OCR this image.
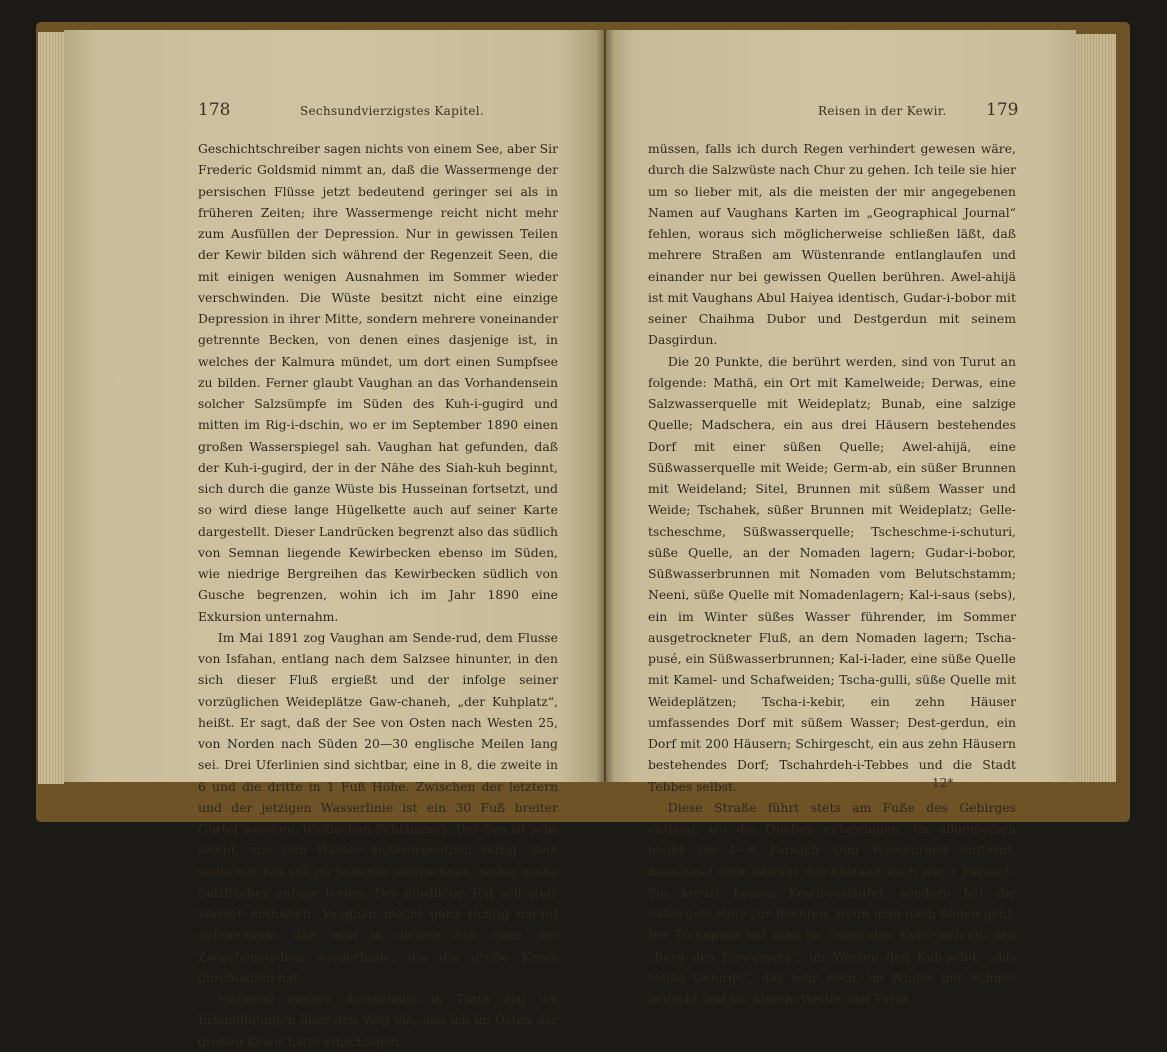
178	Sechsundvierzigstes Kapitel.

Geschichtschreiber sagen nichts von einem See, aber Sir Frederic Goldsmid nimmt an, daß die Wassermenge der persischen Flüsse jetzt bedeutend geringer sei als in früheren Zeiten; ihre Wassermenge reicht nicht mehr zum Ausfüllen der Depression. Nur in gewissen Teilen der Kewir bilden sich während der Regenzeit Seen, die mit einigen wenigen Ausnahmen im Sommer wieder verschwinden. Die Wüste besitzt nicht eine einzige Depression in ihrer Mitte, sondern mehrere voneinander getrennte Becken, von denen eines dasjenige ist, in welches der Kalmura mündet, um dort einen Sumpfsee zu bilden. Ferner glaubt Vaughan an das Vorhandensein solcher Salzsümpfe im Süden des Kuh-i-gugird und mitten im Rig-i-dschin, wo er im September 1890 einen großen Wasserspiegel sah. Vaughan hat gefunden, daß der Kuh-i-gugird, der in der Nähe des Siah-kuh beginnt, sich durch die ganze Wüste bis Husseinan fortsetzt, und so wird diese lange Hügelkette auch auf seiner Karte dargestellt. Dieser Landrücken begrenzt also das südlich von Semnan liegende Kewirbecken ebenso im Süden, wie niedrige Bergreihen das Kewirbecken südlich von Gusche begrenzen, wohin ich im Jahr 1890 eine Exkursion unternahm.

Im Mai 1891 zog Vaughan am Sende-rud, dem Flusse von Isfahan, entlang nach dem Salzsee hinunter, in den sich dieser Fluß ergießt und der infolge seiner vorzüglichen Weideplätze Gaw-chaneh, „der Kuhplatz“, heißt. Er sagt, daß der See von Osten nach Westen 25, von Norden nach Süden 20—30 englische Meilen lang sei. Drei Uferlinien sind sichtbar, eine in 8, die zweite in 6 und die dritte in 1 Fuß Höhe. Zwischen der letztern und der jetzigen Wasserlinie ist ein 30 Fuß breiter Gürtel weichen, tückischen Schlammes. Der See ist sehr seicht, und sein Wasser außerordentlich salzig. Sein südlicher Teil soll im Sommer austrocknen, wobei große Salzflächen zutage treten. Der nördliche Teil soll stets Wasser enthalten. Vaughan macht ganz richtig darauf aufmerksam, daß man in diesem See eines der Zwischenstadien wiederfinde, die die große Kewir durchlaufen hat.

Während meines Aufenthalts in Turut zog ich Erkundigungen über den Weg ein, den ich im Osten der großen Kewir hätte einschlagen

Reisen in der Kewir. 179

müssen, falls ich durch Regen verhindert gewesen wäre, durch die Salzwüste nach Chur zu gehen. Ich teile sie hier um so lieber mit, als die meisten der mir angegebenen Namen auf Vaughans Karten im „Geographical Journal“ fehlen, woraus sich möglicherweise schließen läßt, daß mehrere Straßen am Wüstenrande entlanglaufen und einander nur bei gewissen Quellen berühren. Awel-ahijä ist mit Vaughans Abul Haiyea identisch, Gudar-i-bobor mit seiner Chaihma Dubor und Destgerdun mit seinem Dasgirdun.

Die 20 Punkte, die berührt werden, sind von Turut an folgende: Mathä, ein Ort mit Kamelweide; Derwas, eine Salzwasserquelle mit Weideplatz; Bunab, eine salzige Quelle; Madschera, ein aus drei Häusern bestehendes Dorf mit einer süßen Quelle; Awel-ahijä, eine Süßwasserquelle mit Weide; Germ-ab, ein süßer Brunnen mit Weideland; Sitel, Brunnen mit süßem Wasser und Weide; Tschahek, süßer Brunnen mit Weideplatz; Gelle-tscheschme, Süßwasserquelle; Tscheschme-i-schuturi, süße Quelle, an der Nomaden lagern; Gudar-i-bobor, Süßwasserbrunnen mit Nomaden vom Belutschstamm; Neeni, süße Quelle mit Nomadenlagern; Kal-i-saus (sebs), ein im Winter süßes Wasser führender, im Sommer ausgetrockneter Fluß, an dem Nomaden lagern; Tscha-pusé, ein Süßwasserbrunnen; Kal-i-lader, eine süße Quelle mit Kamel- und Schafweiden; Tscha-gulli, süße Quelle mit Weideplätzen; Tscha-i-kebir, ein zehn Häuser umfassendes Dorf mit süßem Wasser; Dest-gerdun, ein Dorf mit 200 Häusern; Schirgescht, ein aus zehn Häusern bestehendes Dorf; Tschahrdeh-i-Tebbes und die Stadt Tebbes selbst.

Diese Straße führt stets am Fuße des Gebirges entlang, wo die Quellen entspringen. Im allgemeinen bleibt sie 4—6 Farsach vom Wüstenrand entfernt, manchmal aber beträgt der Abstand auch nur 2 Farsach. Sie kreuzt keinen Kewirausläufer, sondern hat die Salzwüste stets zur Rechten, wenn man nach Süden geht. Bei Tschapusé hat man im Osten den Kuh-i-jach-ab, den „Berg des Eiswassers“, im Westen den Kuh-sefid, „das weiße Gebirge“, das sehr hoch, im Winter mit Schnee bedeckt und bei klarem Wetter von Turut

12*
